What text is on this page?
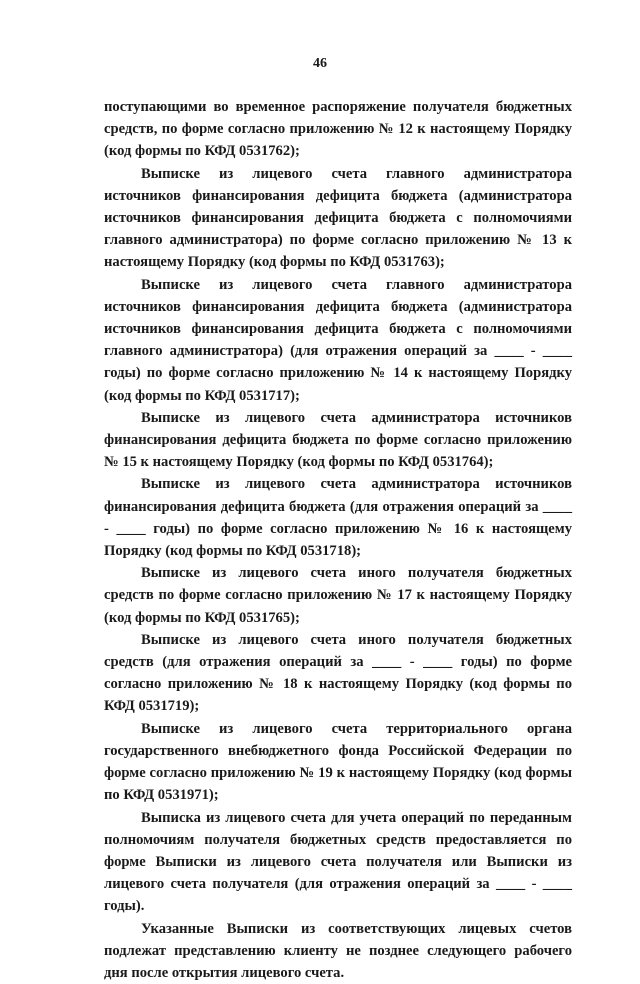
46

поступающими во временное распоряжение получателя бюджетных средств, по форме согласно приложению № 12 к настоящему Порядку (код формы по КФД 0531762);

Выписке из лицевого счета главного администратора источников финансирования дефицита бюджета (администратора источников финансирования дефицита бюджета с полномочиями главного администратора) по форме согласно приложению № 13 к настоящему Порядку (код формы по КФД 0531763);

Выписке из лицевого счета главного администратора источников финансирования дефицита бюджета (администратора источников финансирования дефицита бюджета с полномочиями главного администратора) (для отражения операций за ____ - ____ годы) по форме согласно приложению № 14 к настоящему Порядку (код формы по КФД 0531717);

Выписке из лицевого счета администратора источников финансирования дефицита бюджета по форме согласно приложению № 15 к настоящему Порядку (код формы по КФД 0531764);

Выписке из лицевого счета администратора источников финансирования дефицита бюджета (для отражения операций за ____ - ____ годы) по форме согласно приложению № 16 к настоящему Порядку (код формы по КФД 0531718);

Выписке из лицевого счета иного получателя бюджетных средств по форме согласно приложению № 17 к настоящему Порядку (код формы по КФД 0531765);

Выписке из лицевого счета иного получателя бюджетных средств (для отражения операций за ____ - ____ годы) по форме согласно приложению № 18 к настоящему Порядку (код формы по КФД 0531719);

Выписке из лицевого счета территориального органа государственного внебюджетного фонда Российской Федерации по форме согласно приложению № 19 к настоящему Порядку (код формы по КФД 0531971);

Выписка из лицевого счета для учета операций по переданным полномочиям получателя бюджетных средств предоставляется по форме Выписки из лицевого счета получателя или Выписки из лицевого счета получателя (для отражения операций за ____ - ____ годы).

Указанные Выписки из соответствующих лицевых счетов подлежат представлению клиенту не позднее следующего рабочего дня после открытия лицевого счета.
